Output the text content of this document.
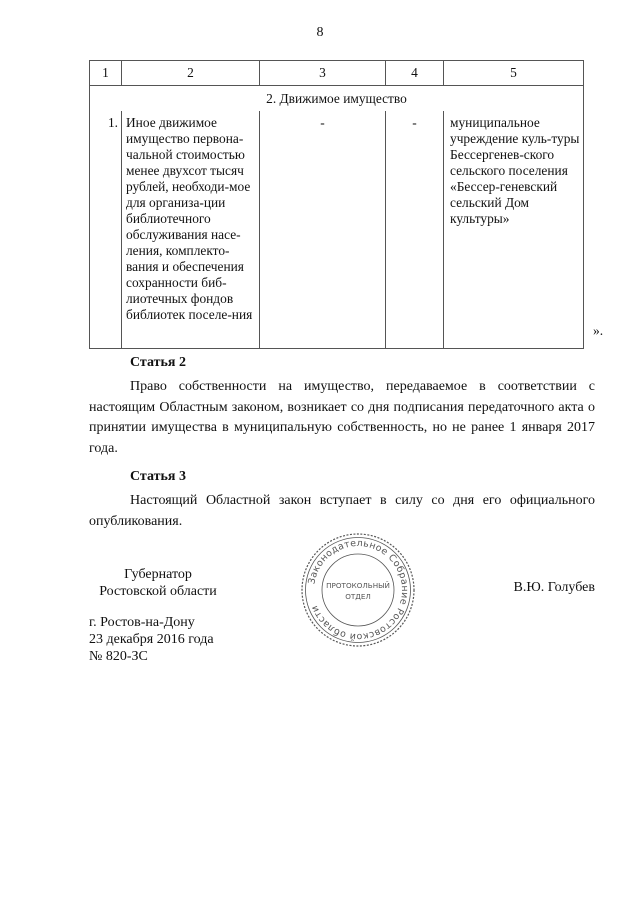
8
1	2	3	4	5
2. Движимое имущество				
1.	Иное движимое имущество первона-чальной стоимостью менее двухсот тысяч рублей, необходи-мое для организа-ции библиотечного обслуживания насе-ления, комплекто-вания и обеспечения сохранности биб-лиотечных фондов библиотек поселе-ния	-	-	муниципальное учреждение куль-туры Бессергенев-ского сельского поселения «Бессер-геневский сельский Дом культуры»
».
Статья 2
Право собственности на имущество, передаваемое в соответствии с настоящим Областным законом, возникает со дня подписания передаточного акта о принятии имущества в муниципальную собственность, но не ранее 1 января 2017 года.
Статья 3
Настоящий Областной закон вступает в силу со дня его официального опубликования.
Губернатор
Ростовской области
Законодательное Собрание Ростовской области
ПРОТОКОЛЬНЫЙ
ОТДЕЛ
В.Ю. Голубев
г. Ростов-на-Дону
23 декабря 2016 года
№ 820-ЗС
